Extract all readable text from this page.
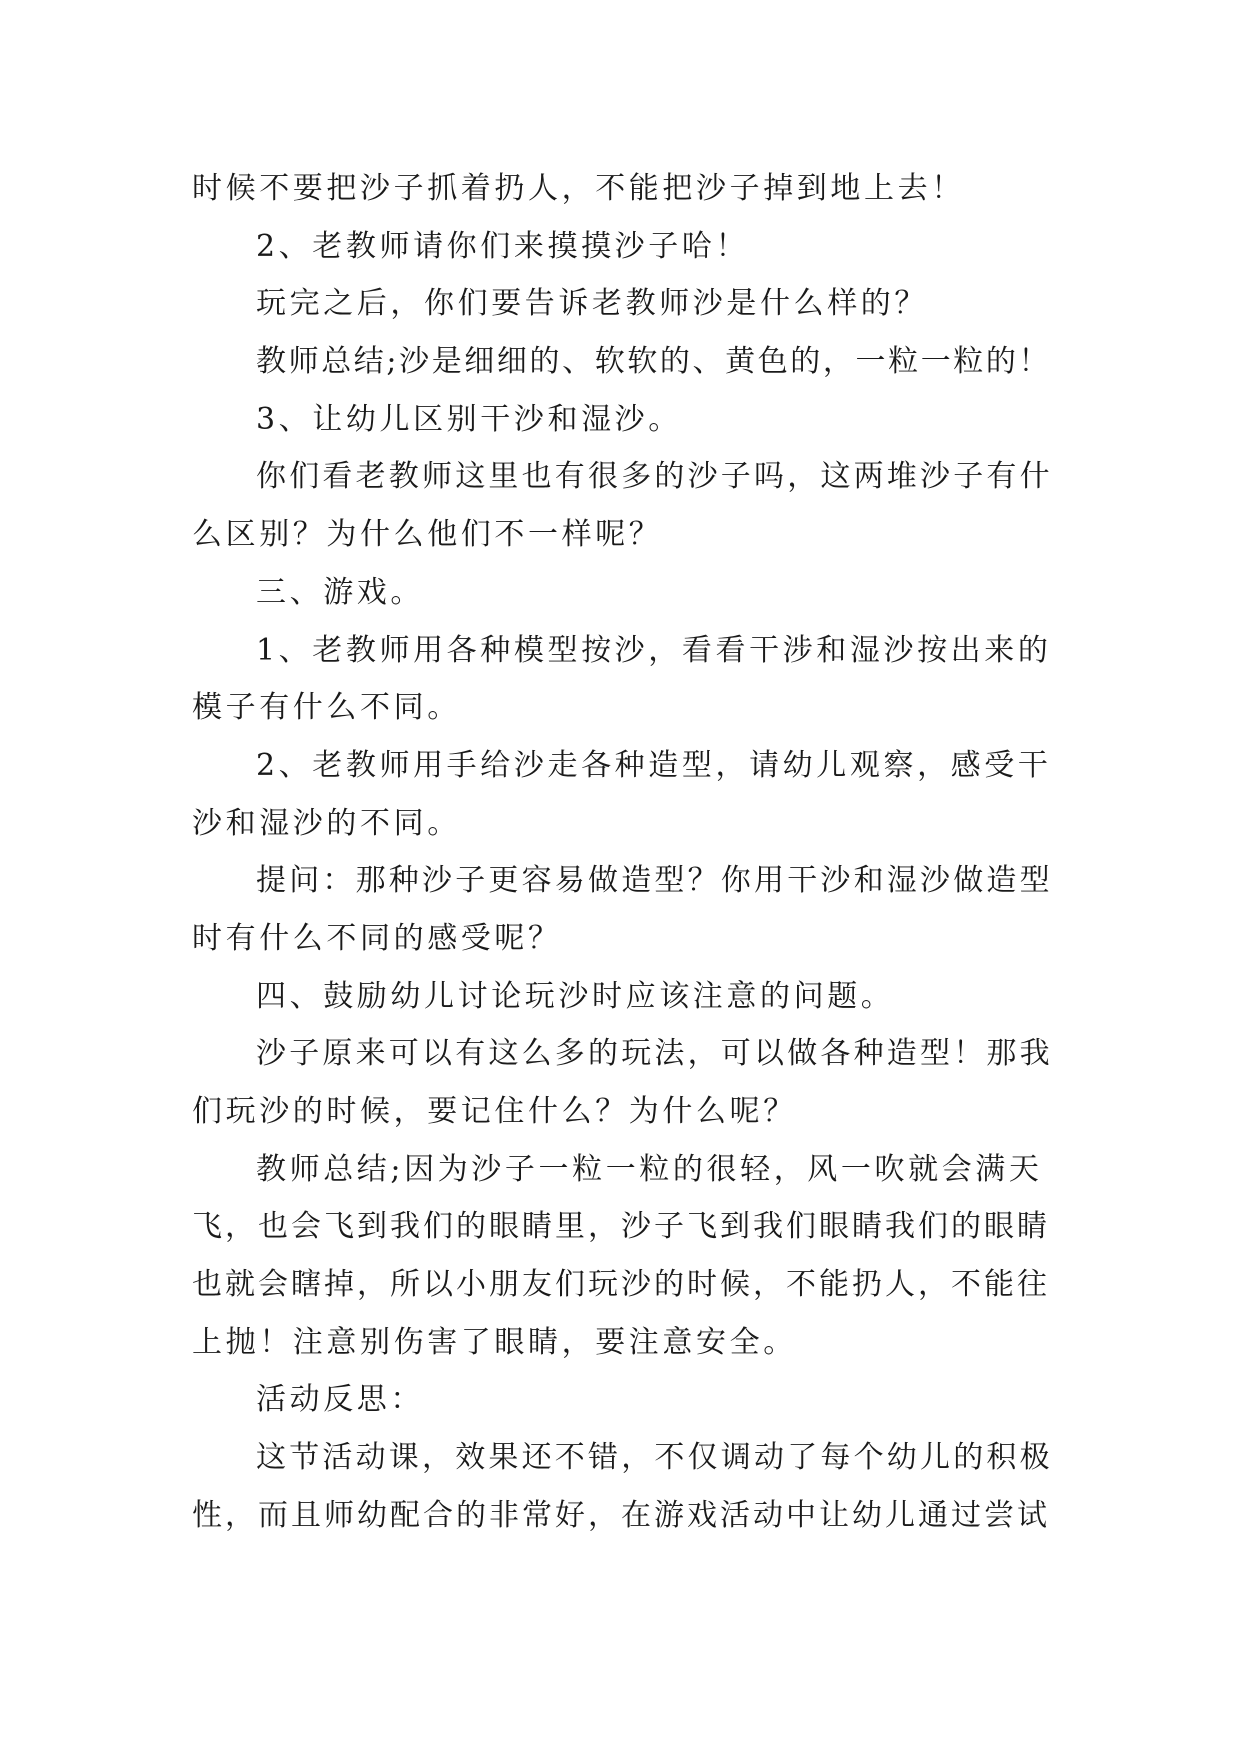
时候不要把沙子抓着扔人，不能把沙子掉到地上去！
2、老教师请你们来摸摸沙子哈！
玩完之后，你们要告诉老教师沙是什么样的？
教师总结;沙是细细的、软软的、黄色的，一粒一粒的！
3、让幼儿区别干沙和湿沙。
你们看老教师这里也有很多的沙子吗，这两堆沙子有什
么区别？为什么他们不一样呢？
三、游戏。
1、老教师用各种模型按沙，看看干涉和湿沙按出来的
模子有什么不同。
2、老教师用手给沙走各种造型，请幼儿观察，感受干
沙和湿沙的不同。
提问：那种沙子更容易做造型？你用干沙和湿沙做造型
时有什么不同的感受呢？
四、鼓励幼儿讨论玩沙时应该注意的问题。
沙子原来可以有这么多的玩法，可以做各种造型！那我
们玩沙的时候，要记住什么？为什么呢？
教师总结;因为沙子一粒一粒的很轻，风一吹就会满天
飞，也会飞到我们的眼睛里，沙子飞到我们眼睛我们的眼睛
也就会瞎掉，所以小朋友们玩沙的时候，不能扔人，不能往
上抛！注意别伤害了眼睛，要注意安全。
活动反思：
这节活动课，效果还不错，不仅调动了每个幼儿的积极
性，而且师幼配合的非常好，在游戏活动中让幼儿通过尝试
